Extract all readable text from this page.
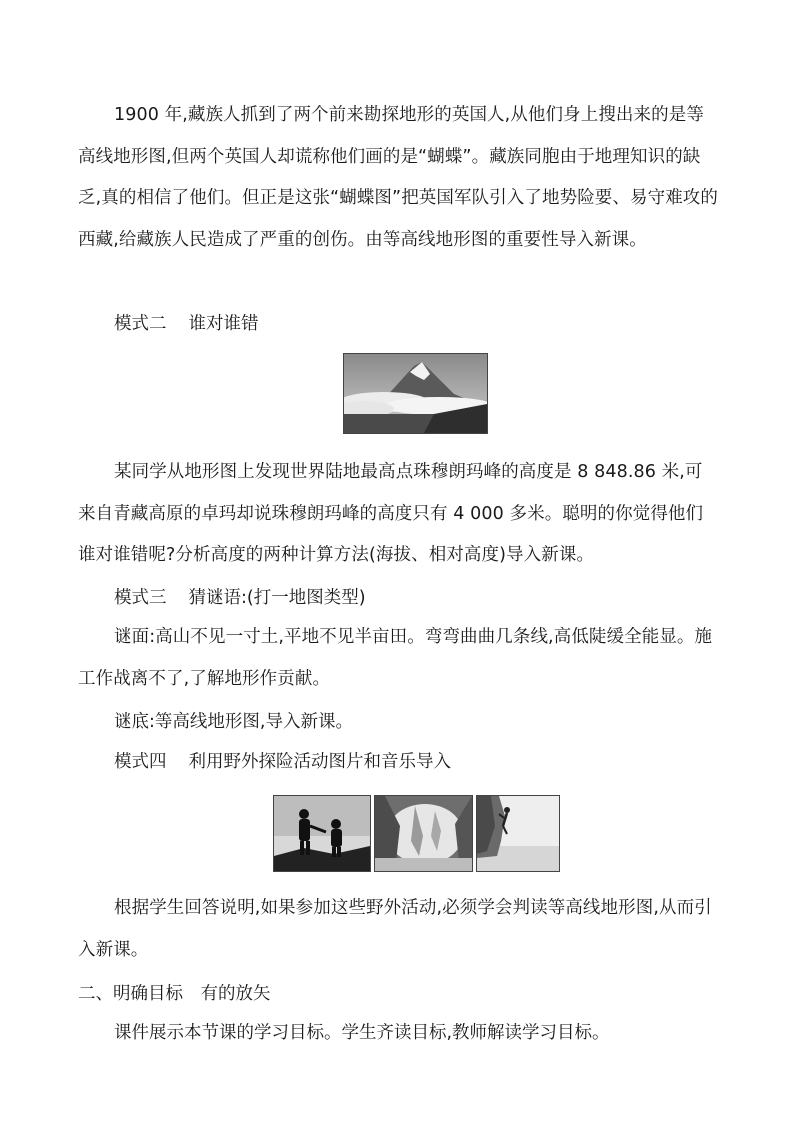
1900 年,藏族人抓到了两个前来勘探地形的英国人,从他们身上搜出来的是等高线地形图,但两个英国人却谎称他们画的是“蝴蝶”。藏族同胞由于地理知识的缺乏,真的相信了他们。但正是这张“蝴蝶图”把英国军队引入了地势险要、易守难攻的西藏,给藏族人民造成了严重的创伤。由等高线地形图的重要性导入新课。

模式二 谁对谁错

某同学从地形图上发现世界陆地最高点珠穆朗玛峰的高度是 8 848.86 米,可来自青藏高原的卓玛却说珠穆朗玛峰的高度只有 4 000 多米。聪明的你觉得他们谁对谁错呢?分析高度的两种计算方法(海拔、相对高度)导入新课。

模式三 猜谜语:(打一地图类型)

谜面:高山不见一寸土,平地不见半亩田。弯弯曲曲几条线,高低陡缓全能显。施工作战离不了,了解地形作贡献。

谜底:等高线地形图,导入新课。
模式四 利用野外探险活动图片和音乐导入

根据学生回答说明,如果参加这些野外活动,必须学会判读等高线地形图,从而引入新课。

二、明确目标　有的放矢
课件展示本节课的学习目标。学生齐读目标,教师解读学习目标。
